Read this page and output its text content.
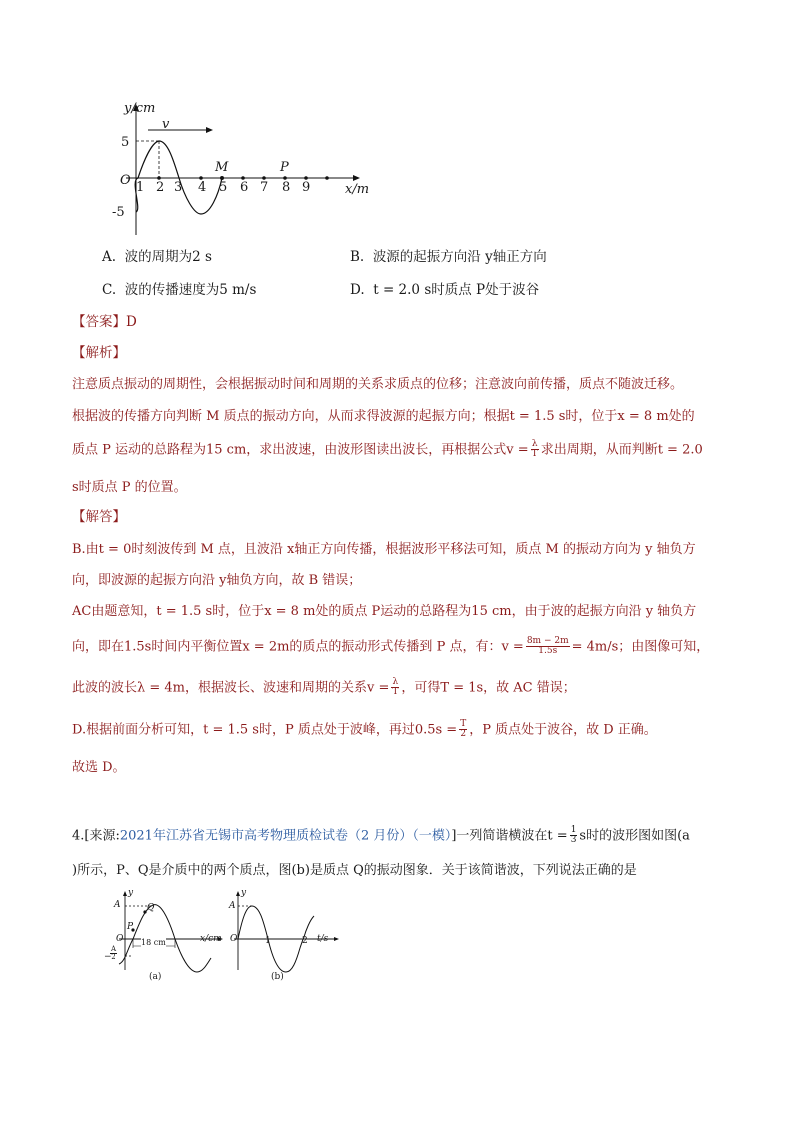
y/cm
x/m
v
O
5
-5
1 2 3 4 5 6 7 8 9
M	P
A. 波的周期为2 s	B. 波源的起振方向沿 y轴正方向
C. 波的传播速度为5 m/s	D. t = 2.0 s时质点 P处于波谷
【答案】D
【解析】
注意质点振动的周期性，会根据振动时间和周期的关系求质点的位移；注意波向前传播，质点不随波迁移。
根据波的传播方向判断 M 质点的振动方向，从而求得波源的起振方向；根据t = 1.5 s时，位于x = 8 m处的
质点 P 运动的总路程为15 cm，求出波速，由波形图读出波长，再根据公式$v = \frac{\lambda}{T}$ 求出周期，从而判断t = 2.0
s时质点 P 的位置。
【解答】
B.由t = 0时刻波传到 M 点，且波沿 x轴正方向传播，根据波形平移法可知，质点 M 的振动方向为 y 轴负方
向，即波源的起振方向沿 y轴负方向，故 B 错误；
AC由题意知，t = 1.5 s时，位于x = 8 m处的质点 P运动的总路程为15 cm，由于波的起振方向沿 y 轴负方
向，即在1.5s时间内平衡位置x = 2m的质点的振动形式传播到 P 点，有：$v = \frac{8m - 2m}{1.5s} = 4m/s$；由图像可知，
此波的波长λ = 4m，根据波长、波速和周期的关系$v = \frac{\lambda}{T}$ ，可得T = 1s，故 AC 错误；
D.根据前面分析可知，t = 1.5 s时，P 质点处于波峰，再过$0.5s = \frac{T}{2}$ ，P 质点处于波谷，故 D 正确。
故选 D。
4.[来源:2021年江苏省无锡市高考物理质检试卷（2 月份）（一模）]一列简谐横波在$t = \frac{1}{3}$ s时的波形图如图(a
)所示，P、Q是介质中的两个质点，图(b)是质点 Q的振动图象．关于该简谐波，下列说法正确的是
y
A
O
P
Q
18 cm	x/cm
−
$\frac{A}{2}$
(a)
y
A
O	1	2 t/s
(b)
